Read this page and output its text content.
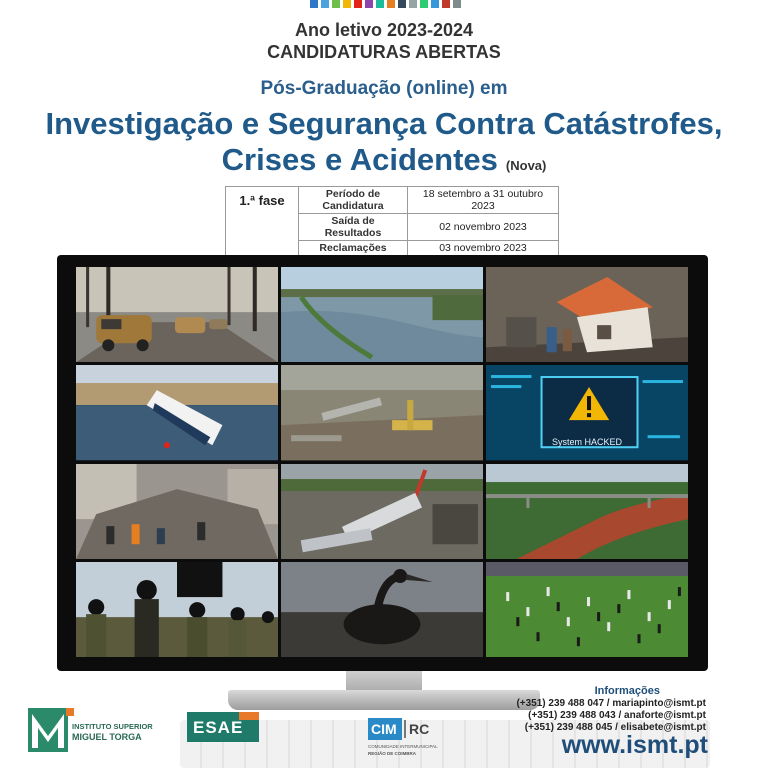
Ano letivo 2023-2024
CANDIDATURAS ABERTAS
Pós-Graduação (online) em
Investigação e Segurança Contra Catástrofes,
Crises e Acidentes (Nova)
1.ª fase	Período de Candidatura	18 setembro a 31 outubro 2023
	Saída de Resultados	02 novembro 2023
	Reclamações	03 novembro 2023

System HACKED
Informações
(+351) 239 488 047 / mariapinto@ismt.pt
(+351) 239 488 043 / anaforte@ismt.pt
(+351) 239 488 045 / elisabete@ismt.pt
www.ismt.pt
INSTITUTO SUPERIOR
MIGUEL TORGA	ESAE	CIM RC
COMUNIDADE INTERMUNICIPAL
REGIÃO DE COIMBRA
